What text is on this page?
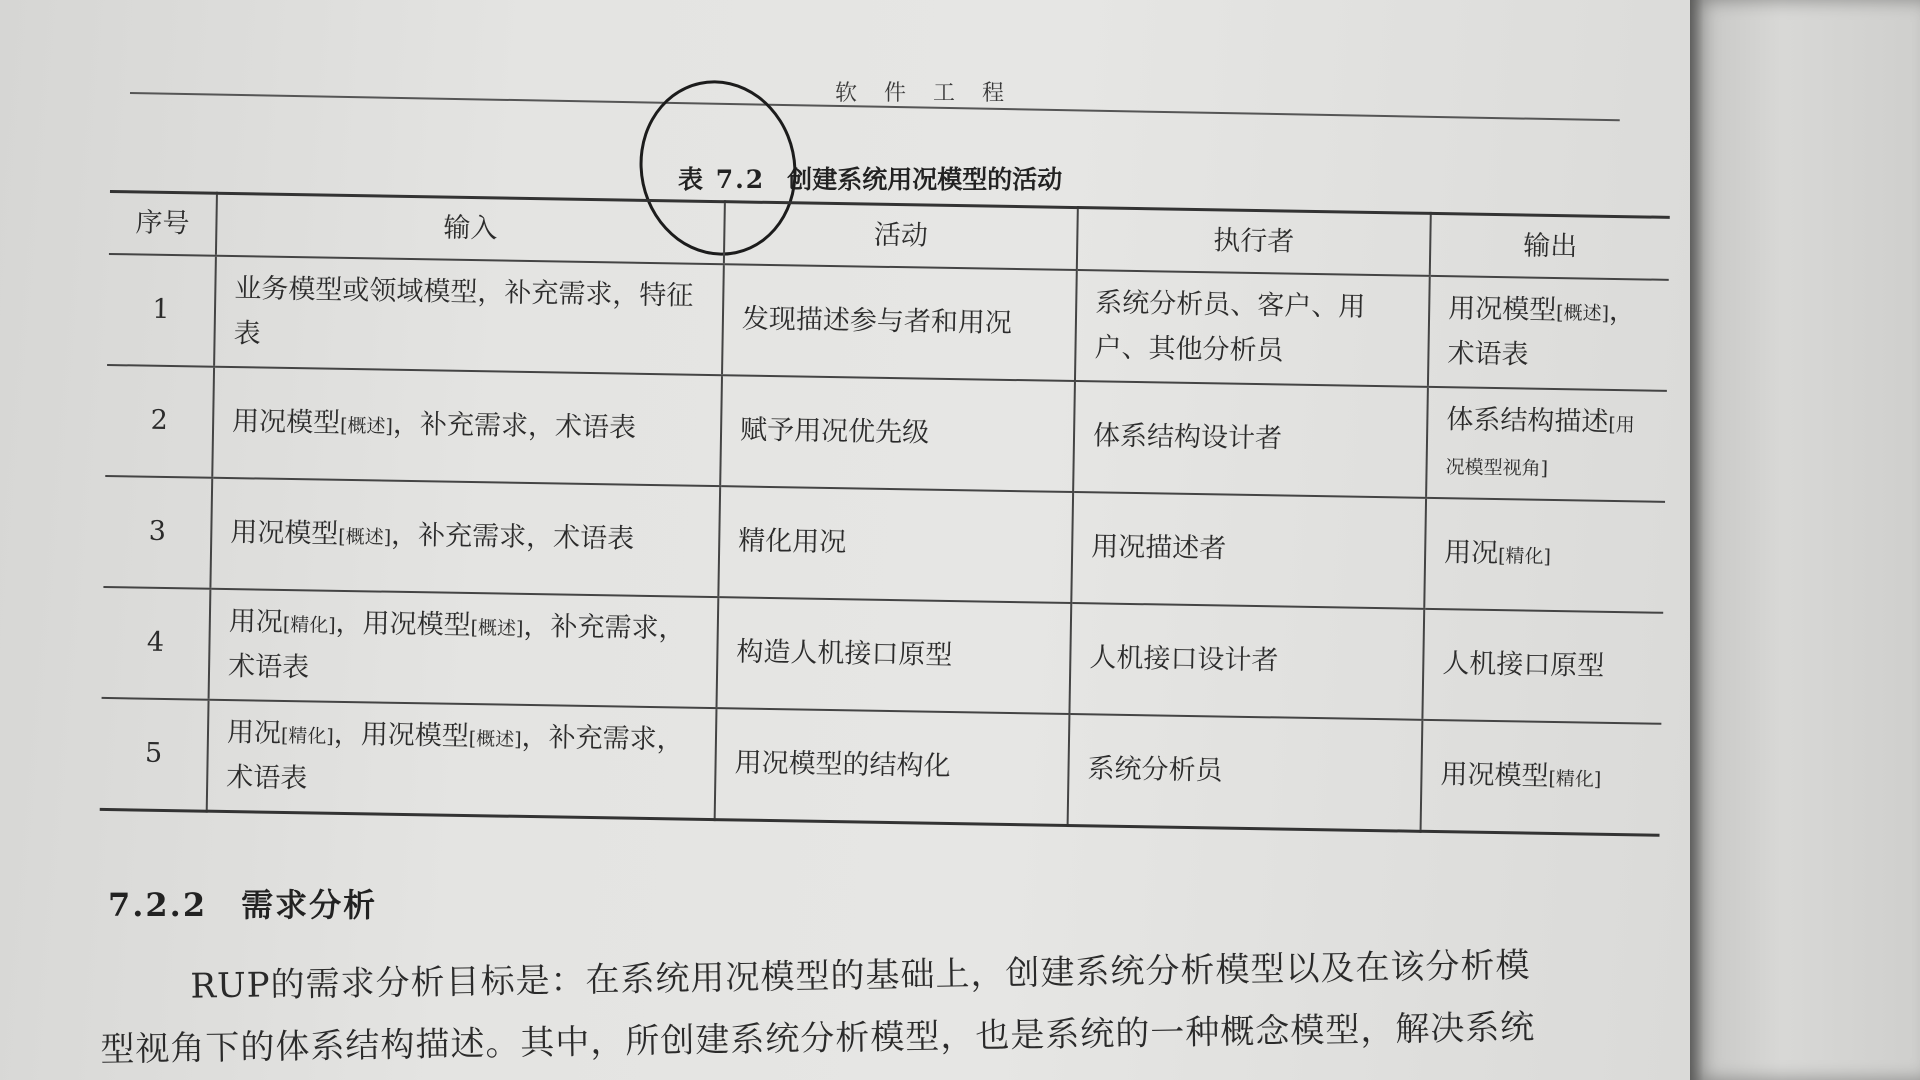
软 件 工 程
表 7.2 创建系统用况模型的活动
序号	输入	活动	执行者	输出
1	业务模型或领域模型，补充需求，特征表	发现描述参与者和用况	系统分析员、客户、用户、其他分析员	用况模型[概述]，术语表
2	用况模型[概述]，补充需求，术语表	赋予用况优先级	体系结构设计者	体系结构描述[用况模型视角]
3	用况模型[概述]，补充需求，术语表	精化用况	用况描述者	用况[精化]
4	用况[精化]，用况模型[概述]，补充需求，术语表	构造人机接口原型	人机接口设计者	人机接口原型
5	用况[精化]，用况模型[概述]，补充需求，术语表	用况模型的结构化	系统分析员	用况模型[精化]
7.2.2 需求分析
RUP的需求分析目标是：在系统用况模型的基础上，创建系统分析模型以及在该分析模
型视角下的体系结构描述。其中，所创建系统分析模型，也是系统的一种概念模型，解决系统
